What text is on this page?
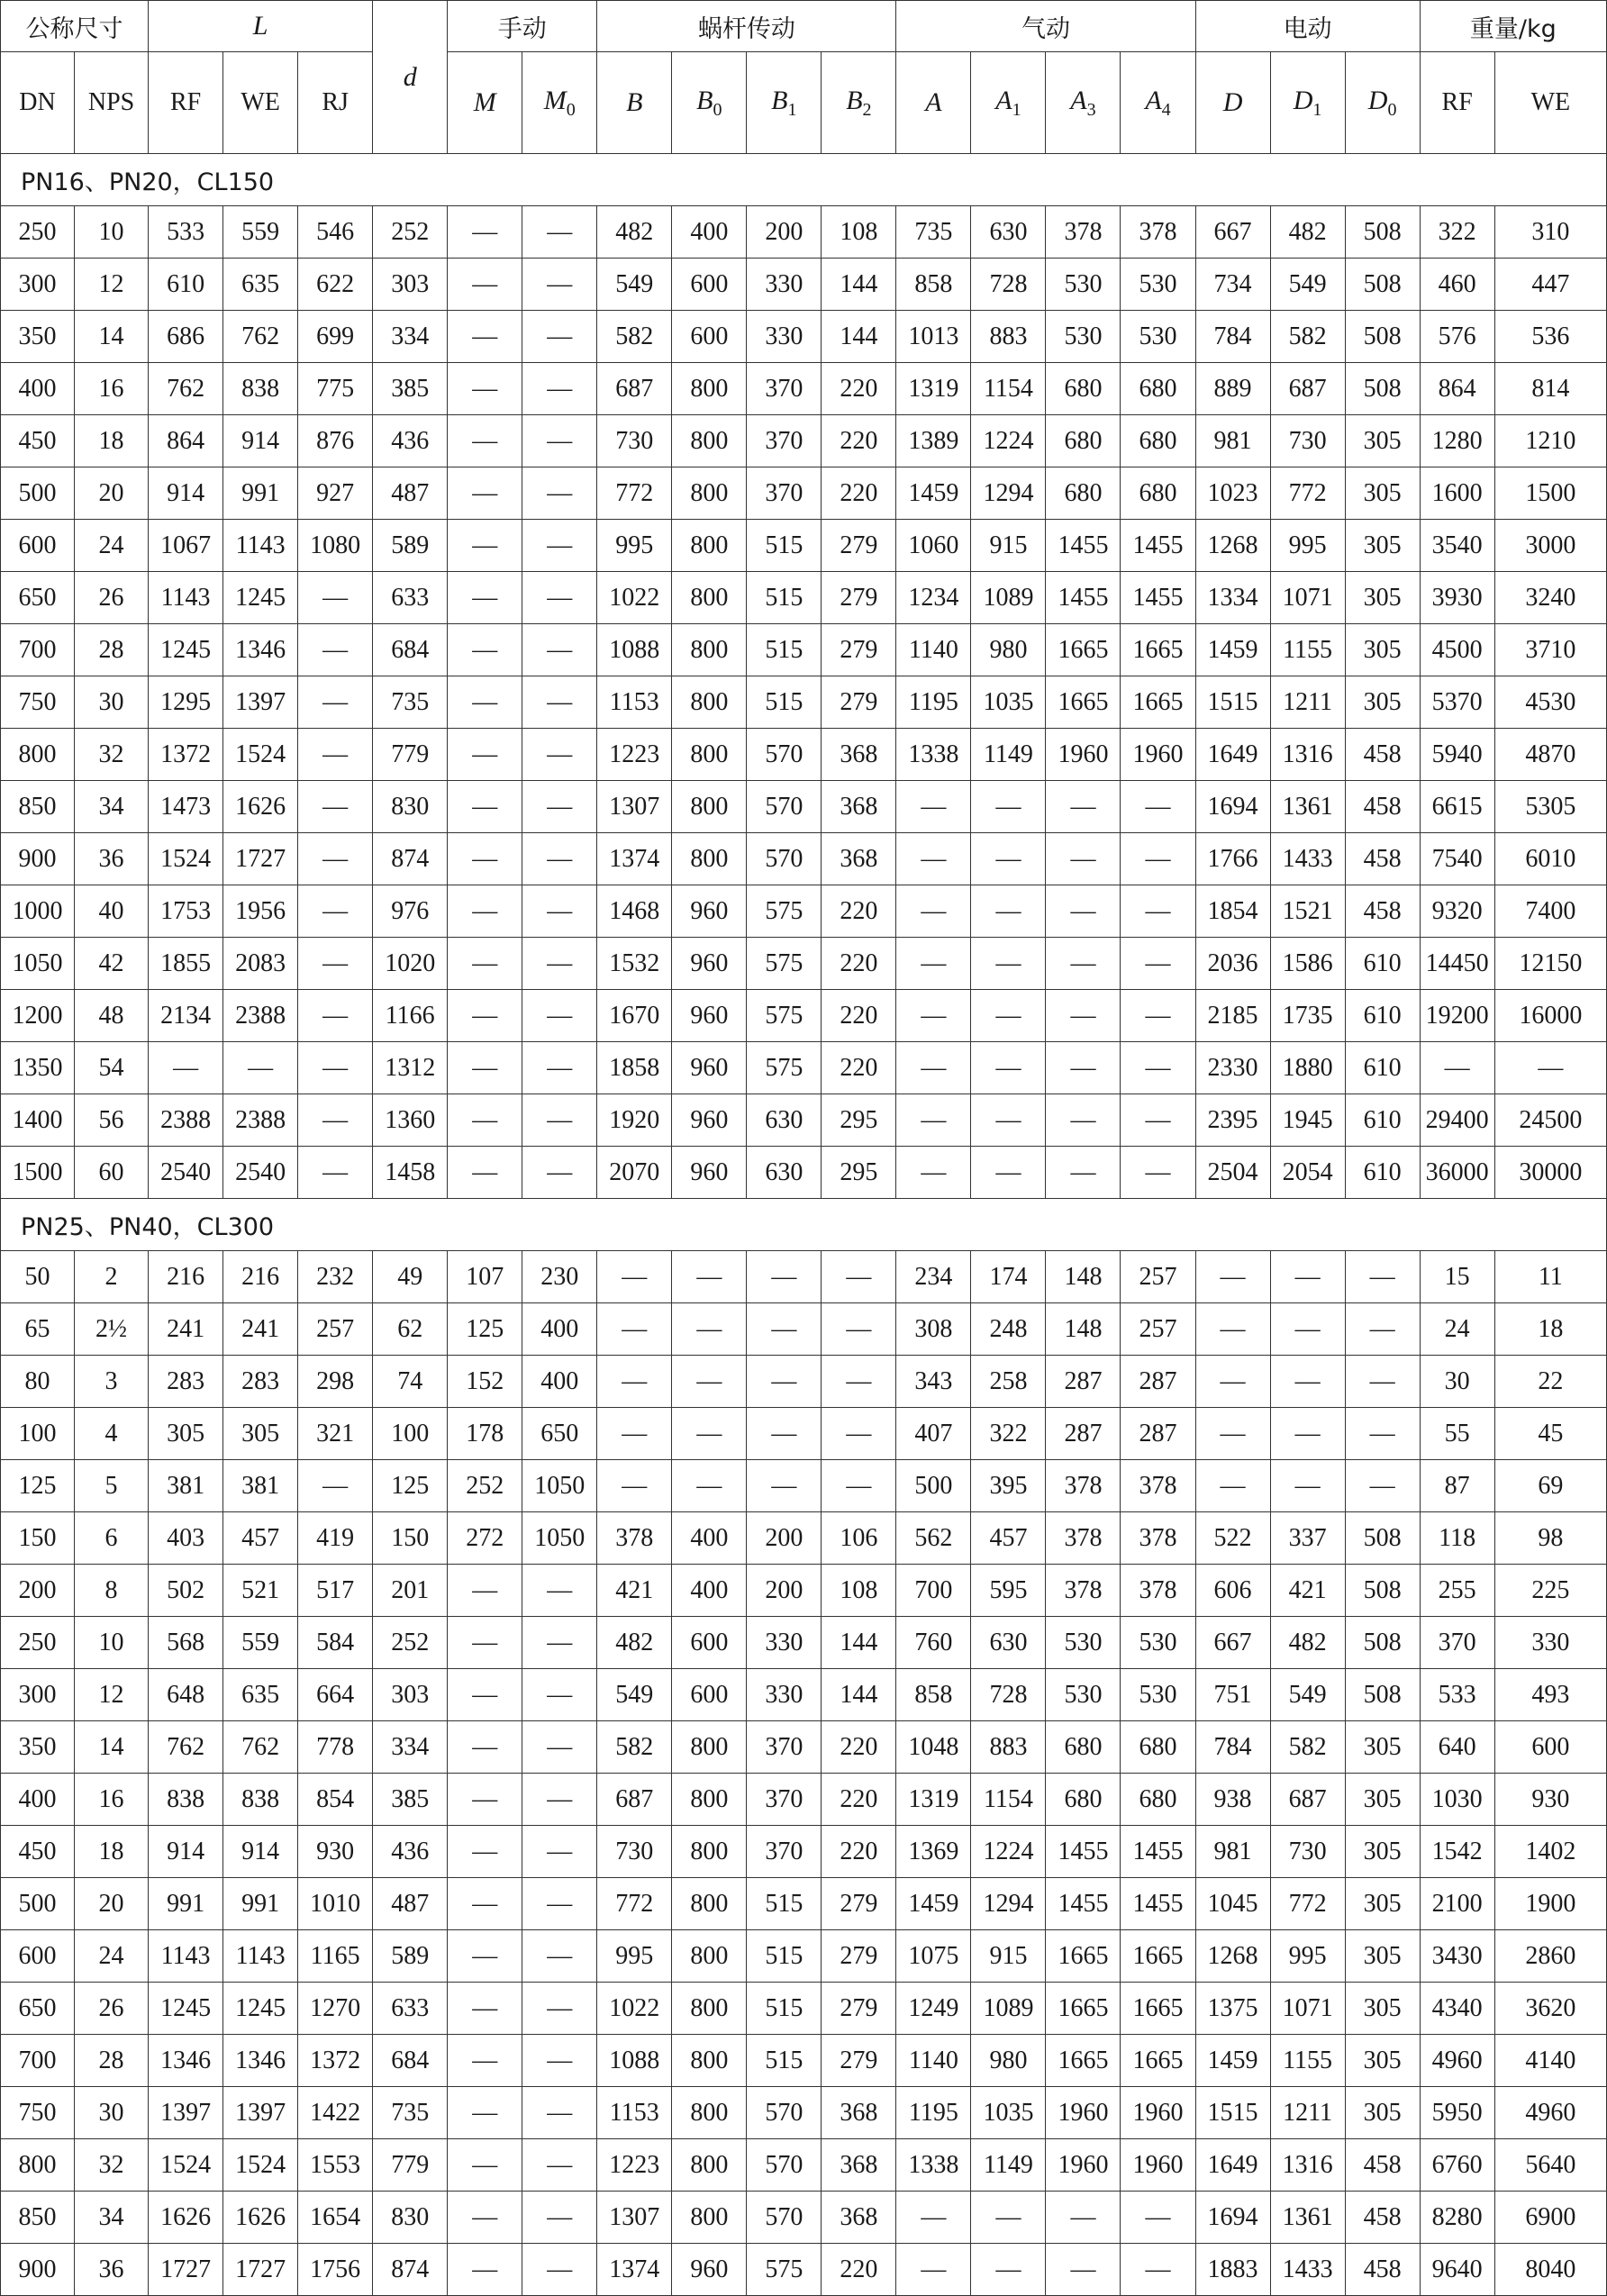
公称尺寸		L			d	手动		蜗杆传动				气动				电动			重量/kg	
DN	NPS	RF	WE	RJ		M	$M_0$	B	$B_0$	$B_1$	$B_2$	A	$A_1$	$A_3$	$A_4$	D	$D_1$	$D_0$	RF	WE
PN16、PN20，CL150																				
250	10	533	559	546	252	—	—	482	400	200	108	735	630	378	378	667	482	508	322	310
300	12	610	635	622	303	—	—	549	600	330	144	858	728	530	530	734	549	508	460	447
350	14	686	762	699	334	—	—	582	600	330	144	1013	883	530	530	784	582	508	576	536
400	16	762	838	775	385	—	—	687	800	370	220	1319	1154	680	680	889	687	508	864	814
450	18	864	914	876	436	—	—	730	800	370	220	1389	1224	680	680	981	730	305	1280	1210
500	20	914	991	927	487	—	—	772	800	370	220	1459	1294	680	680	1023	772	305	1600	1500
600	24	1067	1143	1080	589	—	—	995	800	515	279	1060	915	1455	1455	1268	995	305	3540	3000
650	26	1143	1245	—	633	—	—	1022	800	515	279	1234	1089	1455	1455	1334	1071	305	3930	3240
700	28	1245	1346	—	684	—	—	1088	800	515	279	1140	980	1665	1665	1459	1155	305	4500	3710
750	30	1295	1397	—	735	—	—	1153	800	515	279	1195	1035	1665	1665	1515	1211	305	5370	4530
800	32	1372	1524	—	779	—	—	1223	800	570	368	1338	1149	1960	1960	1649	1316	458	5940	4870
850	34	1473	1626	—	830	—	—	1307	800	570	368	—	—	—	—	1694	1361	458	6615	5305
900	36	1524	1727	—	874	—	—	1374	800	570	368	—	—	—	—	1766	1433	458	7540	6010
1000	40	1753	1956	—	976	—	—	1468	960	575	220	—	—	—	—	1854	1521	458	9320	7400
1050	42	1855	2083	—	1020	—	—	1532	960	575	220	—	—	—	—	2036	1586	610	14450	12150
1200	48	2134	2388	—	1166	—	—	1670	960	575	220	—	—	—	—	2185	1735	610	19200	16000
1350	54	—	—	—	1312	—	—	1858	960	575	220	—	—	—	—	2330	1880	610	—	—
1400	56	2388	2388	—	1360	—	—	1920	960	630	295	—	—	—	—	2395	1945	610	29400	24500
1500	60	2540	2540	—	1458	—	—	2070	960	630	295	—	—	—	—	2504	2054	610	36000	30000
PN25、PN40，CL300																				
50	2	216	216	232	49	107	230	—	—	—	—	234	174	148	257	—	—	—	15	11
65	2½	241	241	257	62	125	400	—	—	—	—	308	248	148	257	—	—	—	24	18
80	3	283	283	298	74	152	400	—	—	—	—	343	258	287	287	—	—	—	30	22
100	4	305	305	321	100	178	650	—	—	—	—	407	322	287	287	—	—	—	55	45
125	5	381	381	—	125	252	1050	—	—	—	—	500	395	378	378	—	—	—	87	69
150	6	403	457	419	150	272	1050	378	400	200	106	562	457	378	378	522	337	508	118	98
200	8	502	521	517	201	—	—	421	400	200	108	700	595	378	378	606	421	508	255	225
250	10	568	559	584	252	—	—	482	600	330	144	760	630	530	530	667	482	508	370	330
300	12	648	635	664	303	—	—	549	600	330	144	858	728	530	530	751	549	508	533	493
350	14	762	762	778	334	—	—	582	800	370	220	1048	883	680	680	784	582	305	640	600
400	16	838	838	854	385	—	—	687	800	370	220	1319	1154	680	680	938	687	305	1030	930
450	18	914	914	930	436	—	—	730	800	370	220	1369	1224	1455	1455	981	730	305	1542	1402
500	20	991	991	1010	487	—	—	772	800	515	279	1459	1294	1455	1455	1045	772	305	2100	1900
600	24	1143	1143	1165	589	—	—	995	800	515	279	1075	915	1665	1665	1268	995	305	3430	2860
650	26	1245	1245	1270	633	—	—	1022	800	515	279	1249	1089	1665	1665	1375	1071	305	4340	3620
700	28	1346	1346	1372	684	—	—	1088	800	515	279	1140	980	1665	1665	1459	1155	305	4960	4140
750	30	1397	1397	1422	735	—	—	1153	800	570	368	1195	1035	1960	1960	1515	1211	305	5950	4960
800	32	1524	1524	1553	779	—	—	1223	800	570	368	1338	1149	1960	1960	1649	1316	458	6760	5640
850	34	1626	1626	1654	830	—	—	1307	800	570	368	—	—	—	—	1694	1361	458	8280	6900
900	36	1727	1727	1756	874	—	—	1374	960	575	220	—	—	—	—	1883	1433	458	9640	8040
